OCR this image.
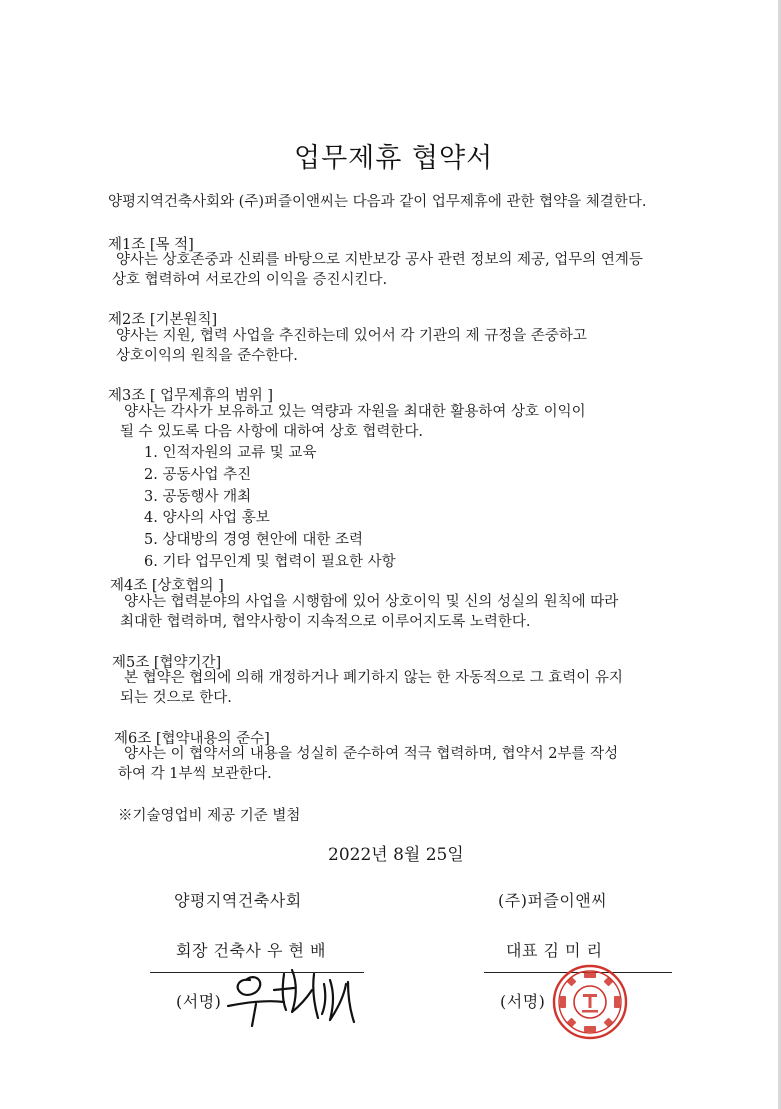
업무제휴 협약서
양평지역건축사회와 (주)퍼즐이앤씨는 다음과 같이 업무제휴에 관한 협약을 체결한다.
제1조 [목 적]
양사는 상호존중과 신뢰를 바탕으로 지반보강 공사 관련 정보의 제공, 업무의 연계등
상호 협력하여 서로간의 이익을 증진시킨다.
제2조 [기본원칙]
양사는 지원, 협력 사업을 추진하는데 있어서 각 기관의 제 규정을 존중하고
상호이익의 원칙을 준수한다.
제3조 [ 업무제휴의 범위 ]
양사는 각사가 보유하고 있는 역량과 자원을 최대한 활용하여 상호 이익이
될 수 있도록 다음 사항에 대하여 상호 협력한다.
1. 인적자원의 교류 및 교육
2. 공동사업 추진
3. 공동행사 개최
4. 양사의 사업 홍보
5. 상대방의 경영 현안에 대한 조력
6. 기타 업무인계 및 협력이 필요한 사항
제4조 [상호협의 ]
양사는 협력분야의 사업을 시행함에 있어 상호이익 및 신의 성실의 원칙에 따라
최대한 협력하며, 협약사항이 지속적으로 이루어지도록 노력한다.
제5조 [협약기간]
본 협약은 협의에 의해 개정하거나 폐기하지 않는 한 자동적으로 그 효력이 유지
되는 것으로 한다.
제6조 [협약내용의 준수]
양사는 이 협약서의 내용을 성실히 준수하여 적극 협력하며, 협약서 2부를 작성
하여 각 1부씩 보관한다.
※기술영업비 제공 기준 별첨
2022년 8월 25일
양평지역건축사회
회장 건축사 우 현 배
(서명)
(주)퍼즐이앤씨
대표 김 미 리
(서명)
